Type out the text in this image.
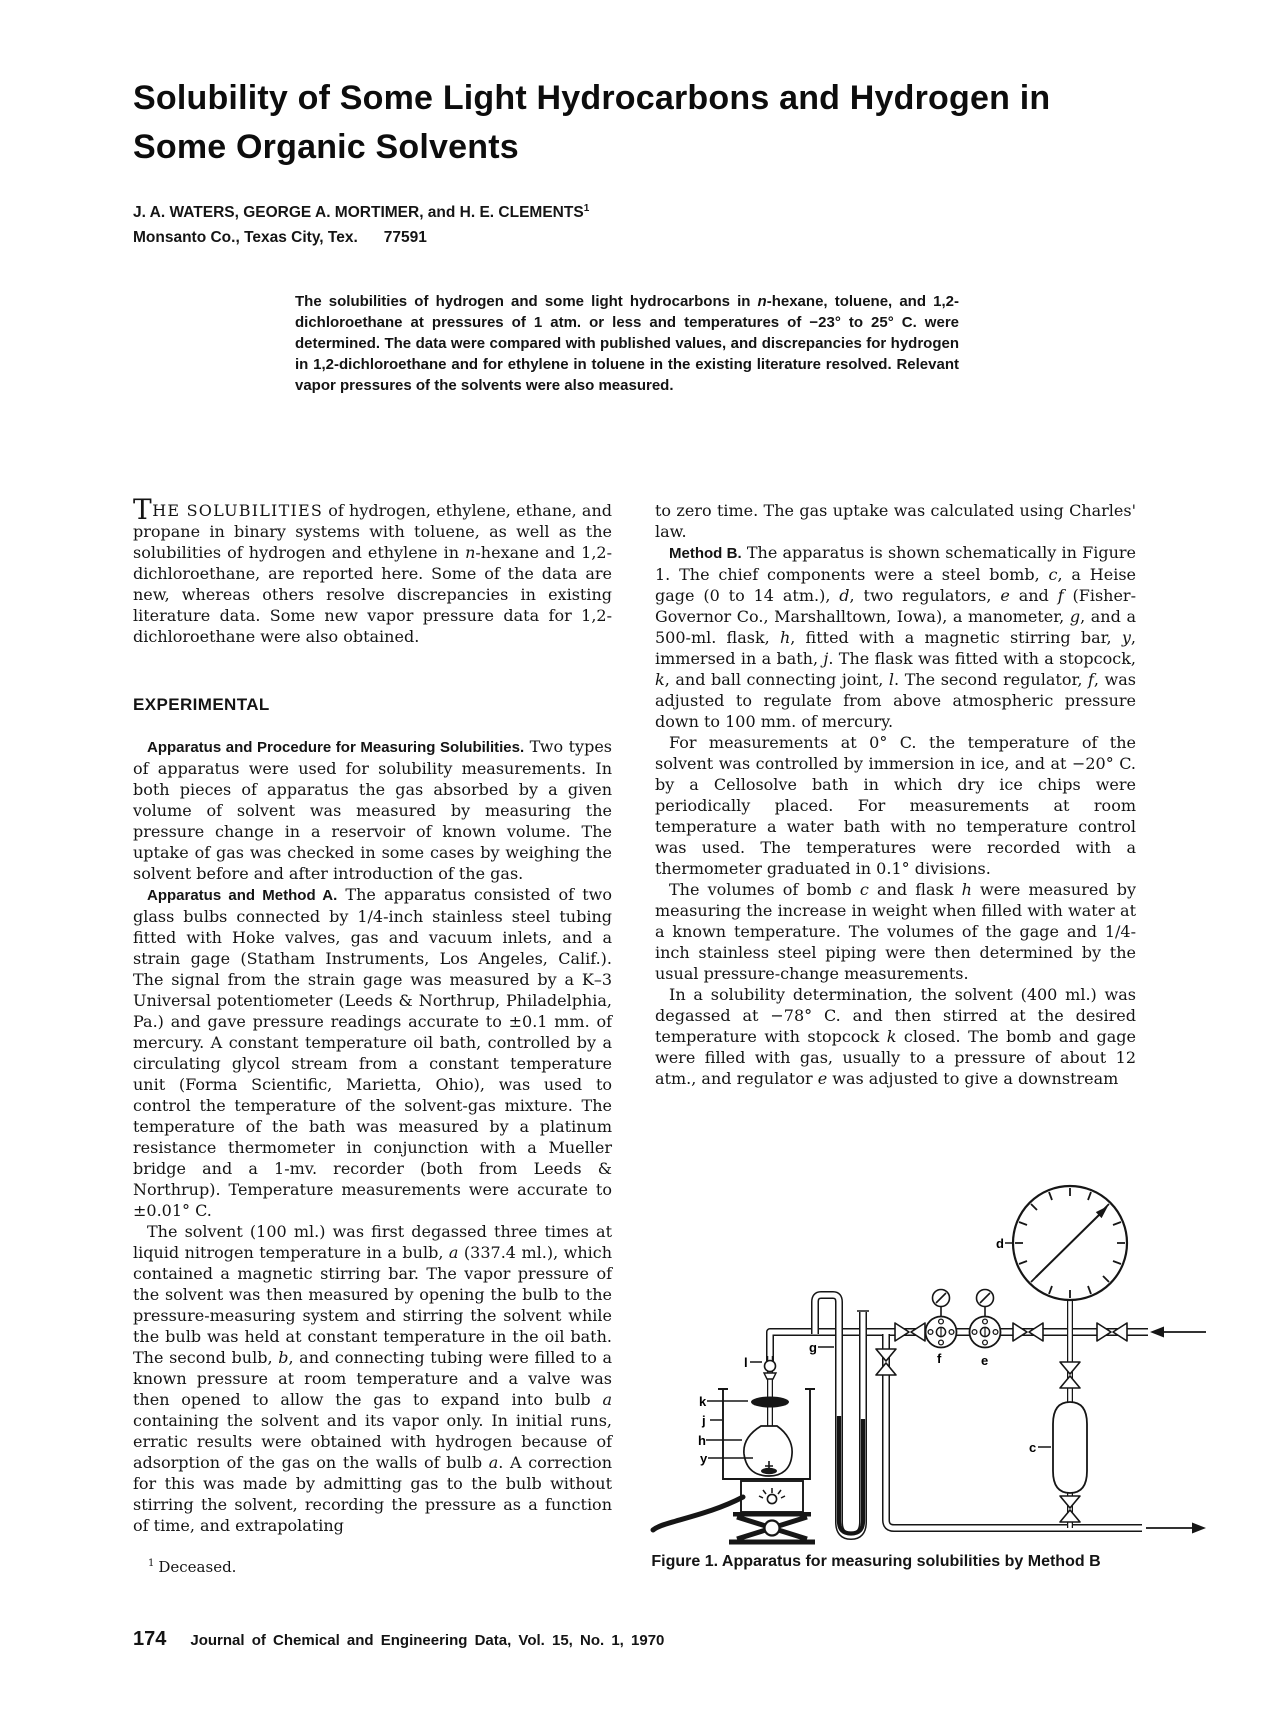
Solubility of Some Light Hydrocarbons and Hydrogen in
Some Organic Solvents
J. A. WATERS, GEORGE A. MORTIMER, and H. E. CLEMENTS$^1$
Monsanto Co., Texas City, Tex. 77591
The solubilities of hydrogen and some light hydrocarbons in n-hexane, toluene, and 1,2-dichloroethane at pressures of 1 atm. or less and temperatures of −23° to 25° C. were determined. The data were compared with published values, and discrepancies for hydrogen in 1,2-dichloroethane and for ethylene in toluene in the existing literature resolved. Relevant vapor pressures of the solvents were also measured.

THE SOLUBILITIES of hydrogen, ethylene, ethane, and propane in binary systems with toluene, as well as the solubilities of hydrogen and ethylene in n-hexane and 1,2-dichloroethane, are reported here. Some of the data are new, whereas others resolve discrepancies in existing literature data. Some new vapor pressure data for 1,2-dichloroethane were also obtained.

EXPERIMENTAL

Apparatus and Procedure for Measuring Solubilities. Two types of apparatus were used for solubility measurements. In both pieces of apparatus the gas absorbed by a given volume of solvent was measured by measuring the pressure change in a reservoir of known volume. The uptake of gas was checked in some cases by weighing the solvent before and after introduction of the gas.

Apparatus and Method A. The apparatus consisted of two glass bulbs connected by 1/4-inch stainless steel tubing fitted with Hoke valves, gas and vacuum inlets, and a strain gage (Statham Instruments, Los Angeles, Calif.). The signal from the strain gage was measured by a K–3 Universal potentiometer (Leeds & Northrup, Philadelphia, Pa.) and gave pressure readings accurate to ±0.1 mm. of mercury. A constant temperature oil bath, controlled by a circulating glycol stream from a constant temperature unit (Forma Scientific, Marietta, Ohio), was used to control the temperature of the solvent-gas mixture. The temperature of the bath was measured by a platinum resistance thermometer in conjunction with a Mueller bridge and a 1-mv. recorder (both from Leeds & Northrup). Temperature measurements were accurate to ±0.01° C.

The solvent (100 ml.) was first degassed three times at liquid nitrogen temperature in a bulb, a (337.4 ml.), which contained a magnetic stirring bar. The vapor pressure of the solvent was then measured by opening the bulb to the pressure-measuring system and stirring the solvent while the bulb was held at constant temperature in the oil bath. The second bulb, b, and connecting tubing were filled to a known pressure at room temperature and a valve was then opened to allow the gas to expand into bulb a containing the solvent and its vapor only. In initial runs, erratic results were obtained with hydrogen because of adsorption of the gas on the walls of bulb a. A correction for this was made by admitting gas to the bulb without stirring the solvent, recording the pressure as a function of time, and extrapolating

to zero time. The gas uptake was calculated using Charles' law.

Method B. The apparatus is shown schematically in Figure 1. The chief components were a steel bomb, c, a Heise gage (0 to 14 atm.), d, two regulators, e and f (Fisher-Governor Co., Marshalltown, Iowa), a manometer, g, and a 500-ml. flask, h, fitted with a magnetic stirring bar, y, immersed in a bath, j. The flask was fitted with a stopcock, k, and ball connecting joint, l. The second regulator, f, was adjusted to regulate from above atmospheric pressure down to 100 mm. of mercury.

For measurements at 0° C. the temperature of the solvent was controlled by immersion in ice, and at −20° C. by a Cellosolve bath in which dry ice chips were periodically placed. For measurements at room temperature a water bath with no temperature control was used. The temperatures were recorded with a thermometer graduated in 0.1° divisions.

The volumes of bomb c and flask h were measured by measuring the increase in weight when filled with water at a known temperature. The volumes of the gage and 1/4-inch stainless steel piping were then determined by the usual pressure-change measurements.

In a solubility determination, the solvent (400 ml.) was degassed at −78° C. and then stirred at the desired temperature with stopcock k closed. The bomb and gage were filled with gas, usually to a pressure of about 12 atm., and regulator e was adjusted to give a downstream

d
g
f	e
c
l
k
j
h
y
Figure 1. Apparatus for measuring solubilities by Method B
$^1$ Deceased.
174 Journal of Chemical and Engineering Data, Vol. 15, No. 1, 1970
